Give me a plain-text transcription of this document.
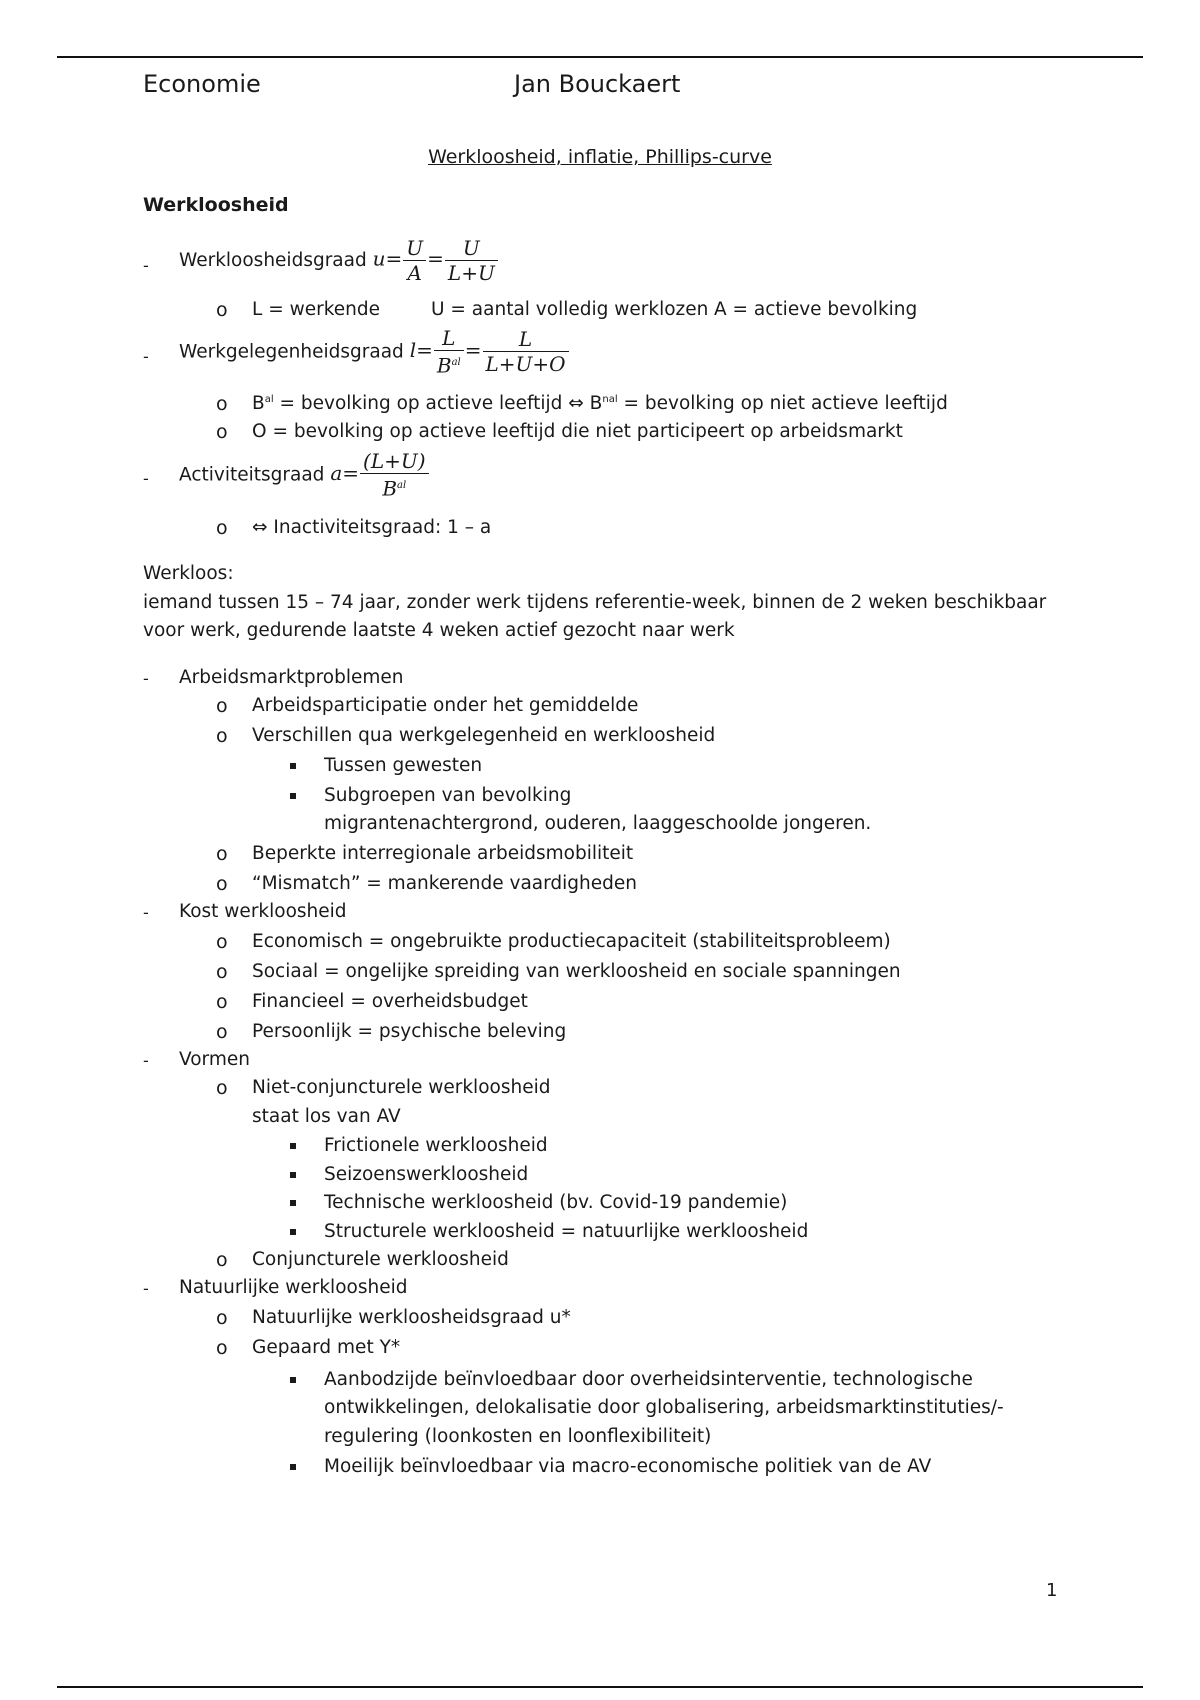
Economie	Jan Bouckaert
Werkloosheid, inflatie, Phillips-curve
Werkloosheid
- Werkloosheidsgraad $u= \frac{U}{A} = \frac{U}{L+U}$
o L = werkende	U = aantal volledig werklozen A = actieve bevolking
- Werkgelegenheidsgraad $l= \frac{L}{B^{al}} = \frac{L}{L+U+O}$
o $B^{al}$ = bevolking op actieve leeftijd ⇔ $B^{nal}$ = bevolking op niet actieve leeftijd
o O = bevolking op actieve leeftijd die niet participeert op arbeidsmarkt
- Activiteitsgraad $a= \frac{(L+U)}{B^{al}}$
o ⇔ Inactiviteitsgraad: 1 – a
Werkloos:
iemand tussen 15 – 74 jaar, zonder werk tijdens referentie-week, binnen de 2 weken beschikbaar
voor werk, gedurende laatste 4 weken actief gezocht naar werk
- Arbeidsmarktproblemen
o Arbeidsparticipatie onder het gemiddelde
o Verschillen qua werkgelegenheid en werkloosheid
Tussen gewesten
Subgroepen van bevolking
migrantenachtergrond, ouderen, laaggeschoolde jongeren.
o Beperkte interregionale arbeidsmobiliteit
o “Mismatch” = mankerende vaardigheden
- Kost werkloosheid
o Economisch = ongebruikte productiecapaciteit (stabiliteitsprobleem)
o Sociaal = ongelijke spreiding van werkloosheid en sociale spanningen
o Financieel = overheidsbudget
o Persoonlijk = psychische beleving
- Vormen
o Niet-conjuncturele werkloosheid
staat los van AV
Frictionele werkloosheid
Seizoenswerkloosheid
Technische werkloosheid (bv. Covid-19 pandemie)
Structurele werkloosheid = natuurlijke werkloosheid
o Conjuncturele werkloosheid
- Natuurlijke werkloosheid
o Natuurlijke werkloosheidsgraad u*
o Gepaard met Y*
Aanbodzijde beïnvloedbaar door overheidsinterventie, technologische
ontwikkelingen, delokalisatie door globalisering, arbeidsmarktinstituties/-
regulering (loonkosten en loonflexibiliteit)
Moeilijk beïnvloedbaar via macro-economische politiek van de AV
1
